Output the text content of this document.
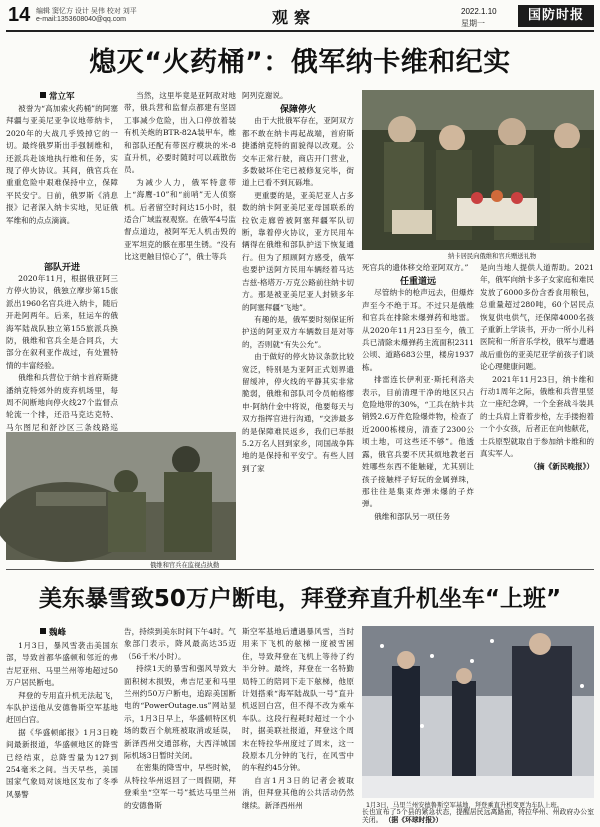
14 编辑 窦忆方 设计 吴伟 校对 刘平
e-mail:1353608040@qq.com	观察	2022.1.10
星期一
国防时报
熄灭“火药桶”：俄军纳卡维和纪实
常立军

被誉为“高加索火药桶”的阿塞拜疆与亚美尼亚争议地带纳卡，2020年的大战几乎毁掉它的一切。最终俄罗斯出手强制维和，还派兵赴该地执行维和任务，实现了停火协议。其间，俄官兵在重重危险中艰难保持中立，保障平民安宁。日前，俄罗斯《消息报》记者深入纳卡实地，见证俄军维和的点点滴滴。

部队开进

2020年11月，根据俄亚阿三方停火协议，俄独立摩步第15旅派出1960名官兵进入纳卡，随后开赴阿两年。后来，驻运车的俄海军陆战队独立第155旅派兵换防，俄维和官兵全是合同兵，大部分在叙利亚作战过，有处置特情的丰富经验。

俄维和兵营位于纳卡首府斯捷潘纳克特郊外的废弃机场里，每周不间断地向停火线27个监督点轮流一个排，还沿马克达克特、马尔图尼和舒沙区三条线路巡

当然，这里毕竟是亚阿敌对地带，俄兵营和监督点都建有坚固工事减少危险，出入口停放着装有机关炮的BTR-82A装甲车，维和部队还配有带医疗模块的米-8直升机，必要时随时可以疏散伤员。

为减少人力，俄军特意带上“海鹰-10”和“前哨”无人侦察机。后者留空时间达15小时，很适合广域监视观察。在俄军4号监督点道边，被阿军无人机击毁的亚军坦克的骸在那里生锈。“没有比这更触目惊心了”，俄士等兵

阿列克谢说。

保障停火

由于大批俄军存在，亚阿双方都不敢在纳卡再起战端，首府斯捷潘纳克特的面貌得以改观。公交车正常行驶，商店开门营业，多数破坏住宅已被修复完毕，街道上已看不到瓦砾堆。

更重要的是，亚美尼亚人占多数的纳卡阿亚美尼亚母国联系的拉钦走廊曾被阿塞拜疆军队切断，靠着停火协议，亚方民用车辆得在俄维和部队护送下恢复通行。但为了照顾阿方感受，俄军也要护送阿方民用车辆经着马达吉兹-格塔万-万克公路前往纳卡切方。那是被亚美尼亚人封锁多年的阿塞拜疆“飞地”。

有趣的是，俄军要时刻保证所护送的阿亚双方车辆数目是对等的，否则就“有失公允”。

由于做好的停火协议条款比较宽泛，特别是为亚阿正式划界遗留缓冲，停火线的平静其实非常脆弱，俄维和部队司令员帕格缪申·阿纳什金中将说，他要每天与双方指挥官进行沟通，“交涉最多的是保障难民返乡，我们已举报5.2万名人回到家乡，同国战争阵地的是保持和平安宁。有些人回到了家

纳卡居民向俄维和官兵赠送礼物

死官兵的遗体移交给亚阿双方。”

任重道远

尽管纳卡的枪声远去，但爆炸声至今不绝于耳。不过只是俄维和官兵在排除未爆弹药和地雷。从2020年11月23日至今，俄工兵已清除未爆弹药主流面积2311公顷、道路683公里，楼房1937栋。

排雷连长伊利亚·斯托利洛夫表示，目前清理干净的地区只占危险地带的30%，“工兵在纳卡共销毁2.6万件危险爆炸物，检查了近2000栋楼房，清查了2300公顷土地，可这些还不够”。他透露，俄官兵要不厌其烦地教老百姓哪些东西不能触碰，尤其别让孩子接触样子好玩的金属弹珠，那往往是集束炸弹未爆的子炸弹。

俄维和部队另一项任务

是向当地人提供人道帮助。2021年，俄军向纳卡多子女家庭和难民发放了6000多份含香食用粮包，总重量超过280吨，60个居民点恢复供电供气，还保障4000名孩子重新上学读书，开办一所小儿科医院和一所音乐学校，俄军与遭遇战后重伤的亚美尼亚学前孩子们谈论心理健康问题。

2021年11月23日，纳卡维和行动1周年之际，俄维和兵营里竖立一座纪念碑，一个全套战斗装具的士兵肩上背着步枪，左手搂抱着一个小女孩，后者正在向他献花，士兵原型就取自于参加纳卡维和的真实军人。

（摘《新民晚报》）

俄维和官兵在监视点执勤
美东暴雪致50万户断电，拜登弃直升机坐车“上班”
魏峰

1月3日，暴风雪袭击美国东部，导致首都华盛顿和邻近的弗吉尼亚州、马里兰州等地超过50万户居民断电。

拜登的专用直升机无法起飞，车队护送他从安德鲁斯空军基地赶回白宫。

据《华盛顿邮报》1月3日晚间最新报道，华盛顿地区的降雪已经结束，总降雪量为127到254毫米之间。当天早些，美国国家气象局对该地区发布了冬季风暴警

告，持续到美东时间下午4时。气象部门表示，降风最高达35迈（56千米/小时）。

持续1天的暴雪和强风导致大面积树木损毁，弗吉尼亚和马里兰州约50万户断电，追踪美国断电的“PowerOutage.us”网站显示，1月3日早上，华盛顿特区机场的数百个航班被取消或延误，新泽西州交通部称，大西洋城国际机场3日暂时关闭。

在密集的降雪中，早些时候，从特拉华州返回了一周假期，拜登乘坐“空军一号”抵达马里兰州的安德鲁斯

斯空军基地后遭遇暴风雪，当时用来下飞机的舷梯一度被雪困住，导致拜登在飞机上等待了约半分钟。最终，拜登在一名特勤局特工的陪同下走下舷梯，他原计划搭乘“海军陆战队一号”直升机返回白宫，但不得不改为乘车车队。这段行程耗时超过一个小时，据美联社报道，拜登这个周末在特拉华州度过了周末，这一段原本几分钟的飞行，在风雪中的车程约45分钟。

自言1月3日的记者会被取消，但拜登其他的公共活动仍然继续。新泽西州州	1月3日，马里兰州安德鲁斯空军基地，拜登乘直升机变更为车队上班。
长也宣布了5个县的紧急状态，提醒居民远离路面，特拉华州、州政府办公室关闭。 （据《环球时报》）
